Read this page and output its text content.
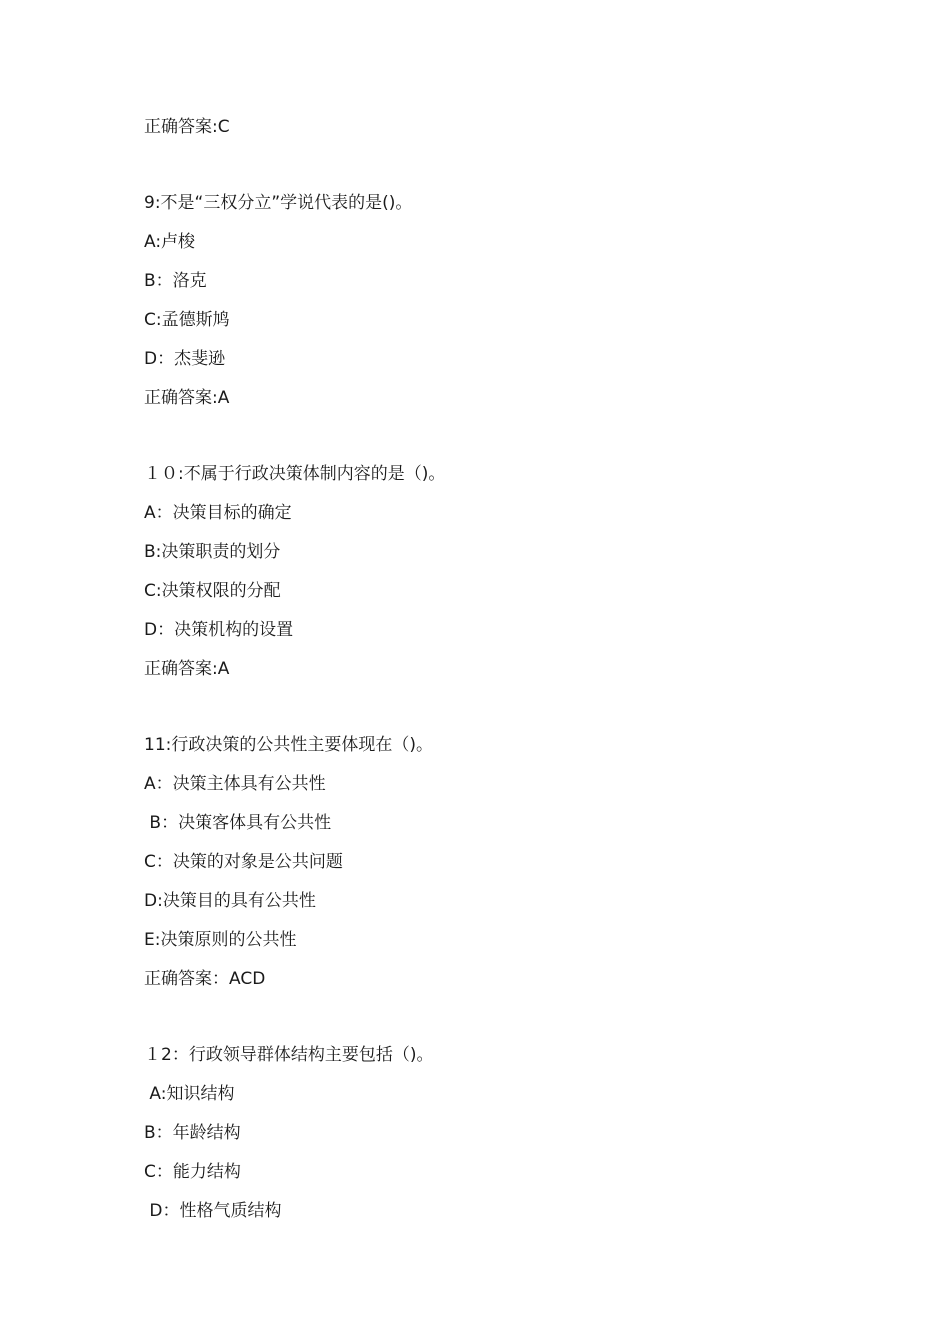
正确答案:C
9:不是“三权分立”学说代表的是()。
A:卢梭
B：洛克
C:孟德斯鸠
D：杰斐逊
正确答案:A
１０:不属于行政决策体制内容的是（)。
A：决策目标的确定
B:决策职责的划分
C:决策权限的分配
D：决策机构的设置
正确答案:A
11:行政决策的公共性主要体现在（)。
A：决策主体具有公共性
B：决策客体具有公共性
C：决策的对象是公共问题
D:决策目的具有公共性
E:决策原则的公共性
正确答案：ACD
１2：行政领导群体结构主要包括（)。
A:知识结构
B：年龄结构
C：能力结构
D：性格气质结构
